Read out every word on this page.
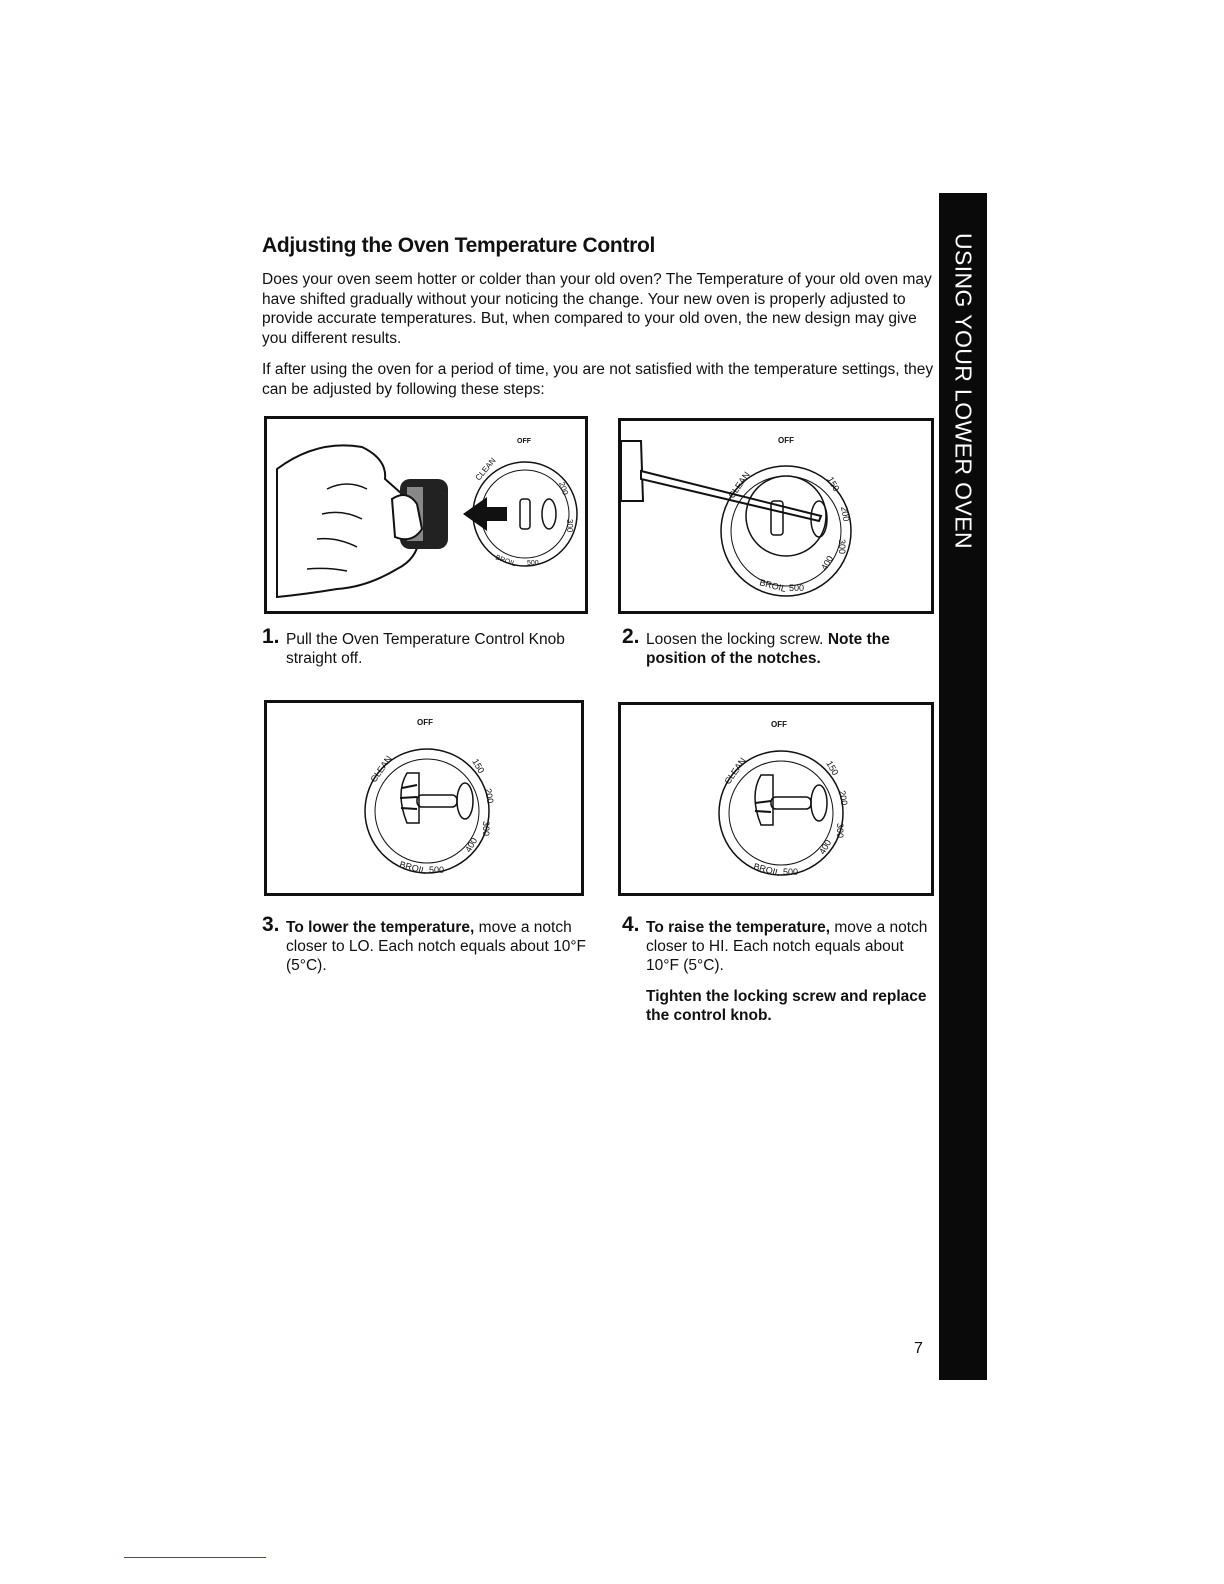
Adjusting the Oven Temperature Control

Does your oven seem hotter or colder than your old oven? The Temperature of your old oven may have shifted gradually without your noticing the change. Your new oven is properly adjusted to provide accurate temperatures. But, when compared to your old oven, the new design may give you different results.

If after using the oven for a period of time, you are not satisfied with the temperature settings, they can be adjusted by following these steps:	USING YOUR LOWER OVEN
OFF
CLEAN
BROIL 500
200
300
OFF
CLEAN	150
200
300
400
BROIL 500
OFF
CLEAN	150
200
300
400
BROIL 500
OFF
CLEAN	150
200
300
400
BROIL 500
1. Pull the Oven Temperature Control Knob straight off.
2. Loosen the locking screw. Note the position of the notches.
3. To lower the temperature, move a notch closer to LO. Each notch equals about 10°F (5°C).
4. To raise the temperature, move a notch closer to HI. Each notch equals about 10°F (5°C).
Tighten the locking screw and replace the control knob.
7
